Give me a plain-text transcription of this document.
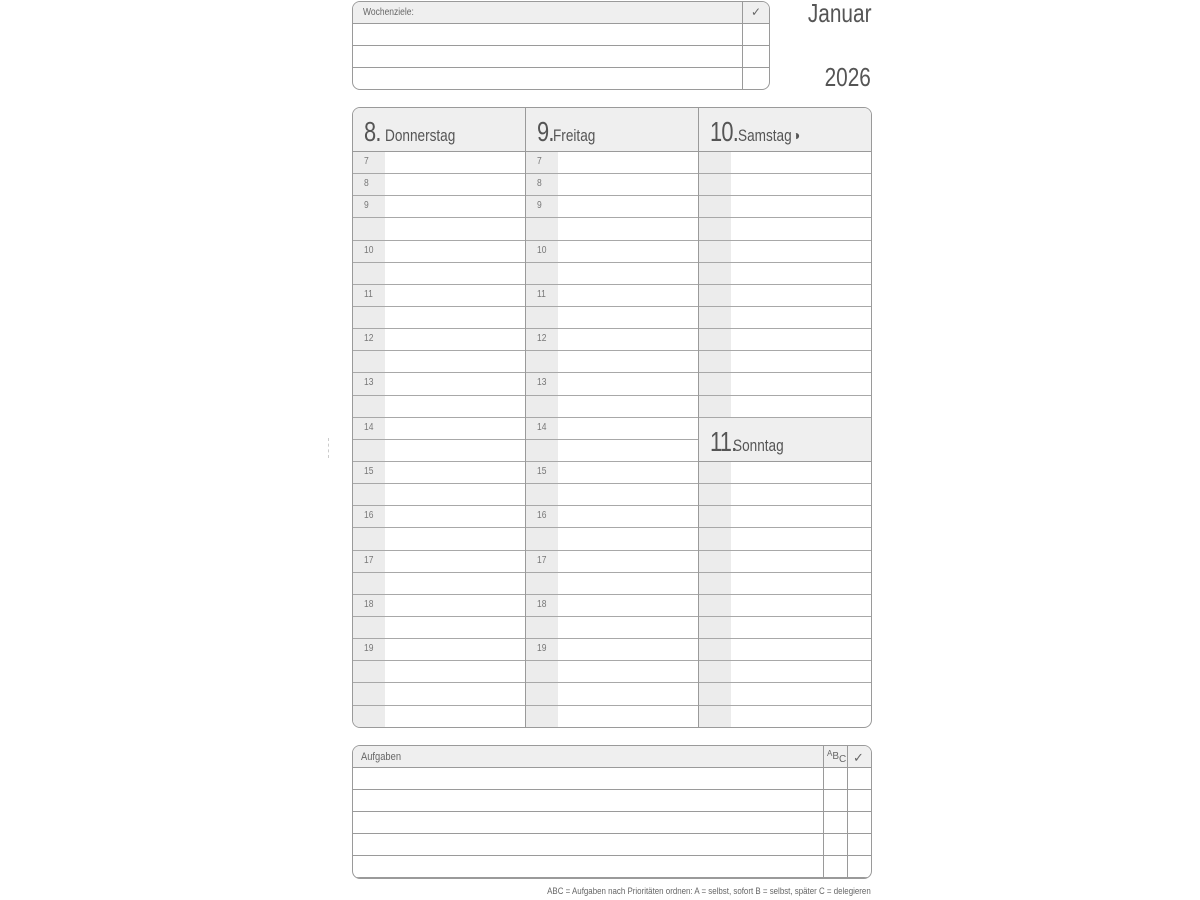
Wochenziele:	✓ Januar
2026
8. Donnerstag
7
8
9
10
11
12
13
14
15
16
17
18
19
9. Freitag
7
8
9
10
11
12
13
14
15
16
17
18
19
10. Samstag ◑
11.
Sonntag
Aufgaben	ABC ✓
ABC = Aufgaben nach Prioritäten ordnen: A = selbst, sofort B = selbst, später C = delegieren
